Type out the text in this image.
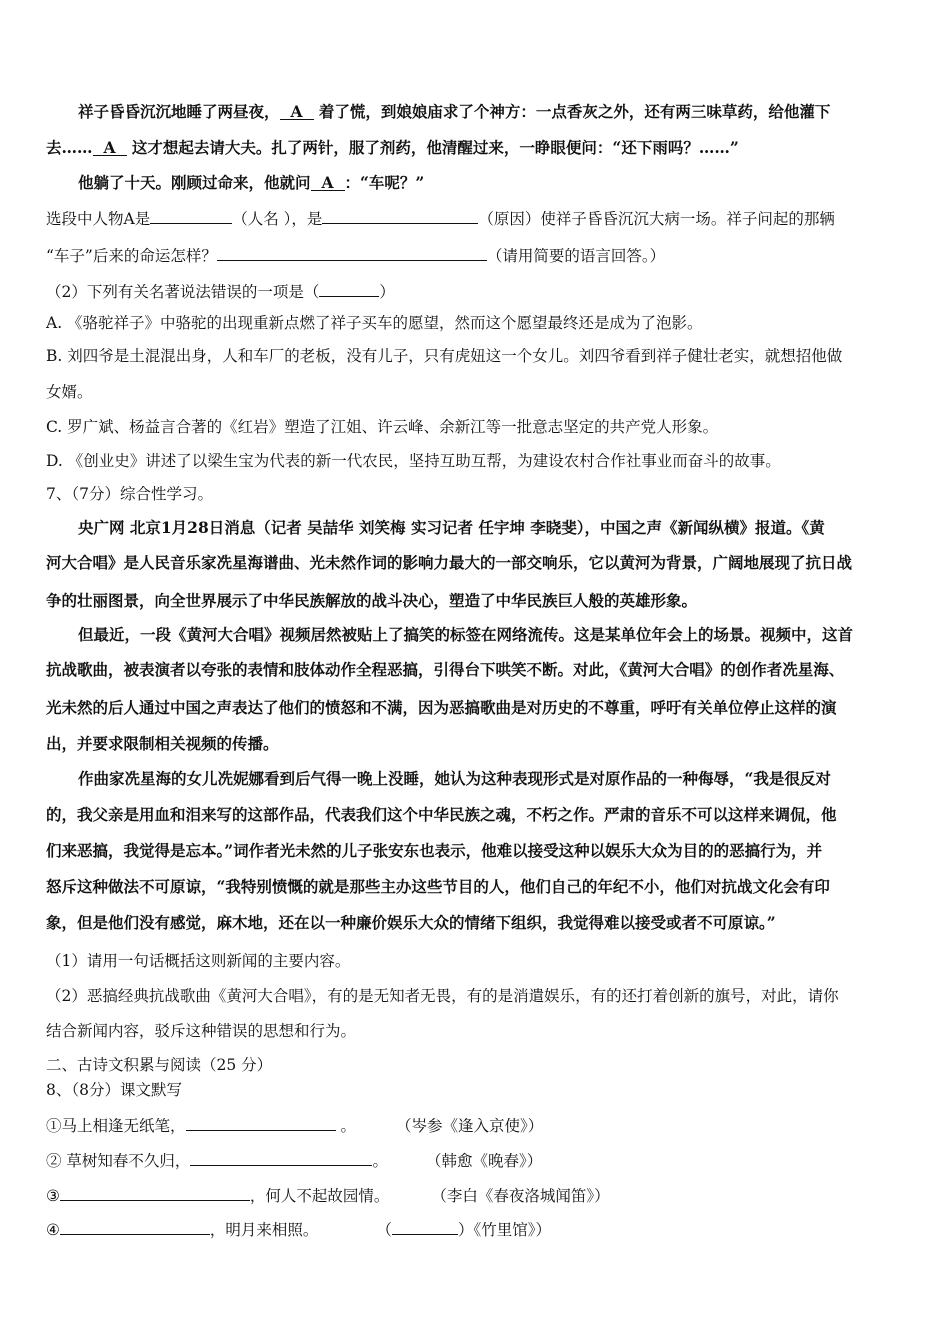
祥子昏昏沉沉地睡了两昼夜， A 着了慌，到娘娘庙求了个神方：一点香灰之外，还有两三味草药，给他灌下
去…… A 这才想起去请大夫。扎了两针，服了剂药，他清醒过来，一睁眼便问：“还下雨吗？……”
他躺了十天。刚顾过命来，他就问 A ：“车呢？”
选段中人物A是	（人名 ），是	（原因）使祥子昏昏沉沉大病一场。祥子问起的那辆
“车子”后来的命运怎样？	（请用简要的语言回答。）
（2）下列有关名著说法错误的一项是（	）
A. 《骆驼祥子》中骆驼的出现重新点燃了祥子买车的愿望，然而这个愿望最终还是成为了泡影。
B. 刘四爷是土混混出身，人和车厂的老板，没有儿子，只有虎妞这一个女儿。刘四爷看到祥子健壮老实，就想招他做
女婿。
C. 罗广斌、杨益言合著的《红岩》塑造了江姐、许云峰、余新江等一批意志坚定的共产党人形象。
D. 《创业史》讲述了以梁生宝为代表的新一代农民，坚持互助互帮，为建设农村合作社事业而奋斗的故事。
7、（7分）综合性学习。
央广网 北京1月28日消息（记者 吴喆华 刘笑梅 实习记者 任宇坤 李晓斐），中国之声《新闻纵横》报道。《黄
河大合唱》是人民音乐家冼星海谱曲、光未然作词的影响力最大的一部交响乐，它以黄河为背景，广阔地展现了抗日战
争的壮丽图景，向全世界展示了中华民族解放的战斗决心，塑造了中华民族巨人般的英雄形象。
但最近，一段《黄河大合唱》视频居然被贴上了搞笑的标签在网络流传。这是某单位年会上的场景。视频中，这首
抗战歌曲，被表演者以夸张的表情和肢体动作全程恶搞，引得台下哄笑不断。对此，《黄河大合唱》的创作者冼星海、
光未然的后人通过中国之声表达了他们的愤怒和不满，因为恶搞歌曲是对历史的不尊重，呼吁有关单位停止这样的演
出，并要求限制相关视频的传播。
作曲家冼星海的女儿冼妮娜看到后气得一晚上没睡，她认为这种表现形式是对原作品的一种侮辱，“我是很反对
的，我父亲是用血和泪来写的这部作品，代表我们这个中华民族之魂，不朽之作。严肃的音乐不可以这样来调侃，他
们来恶搞，我觉得是忘本。”词作者光未然的儿子张安东也表示，他难以接受这种以娱乐大众为目的的恶搞行为，并
怒斥这种做法不可原谅，“我特别愤慨的就是那些主办这些节目的人，他们自己的年纪不小，他们对抗战文化会有印
象，但是他们没有感觉，麻木地，还在以一种廉价娱乐大众的情绪下组织，我觉得难以接受或者不可原谅。”
（1）请用一句话概括这则新闻的主要内容。
（2）恶搞经典抗战歌曲《黄河大合唱》，有的是无知者无畏，有的是消遣娱乐，有的还打着创新的旗号，对此，请你
结合新闻内容，驳斥这种错误的思想和行为。
二、古诗文积累与阅读（25 分）
8、（8分）课文默写
①马上相逢无纸笔，	。	（岑参《逢入京使》）
② 草树知春不久归，	。 （韩愈《晚春》）
③	，何人不起故园情。	（李白《春夜洛城闻笛》）
④	，明月来相照。	（	）《竹里馆》）
